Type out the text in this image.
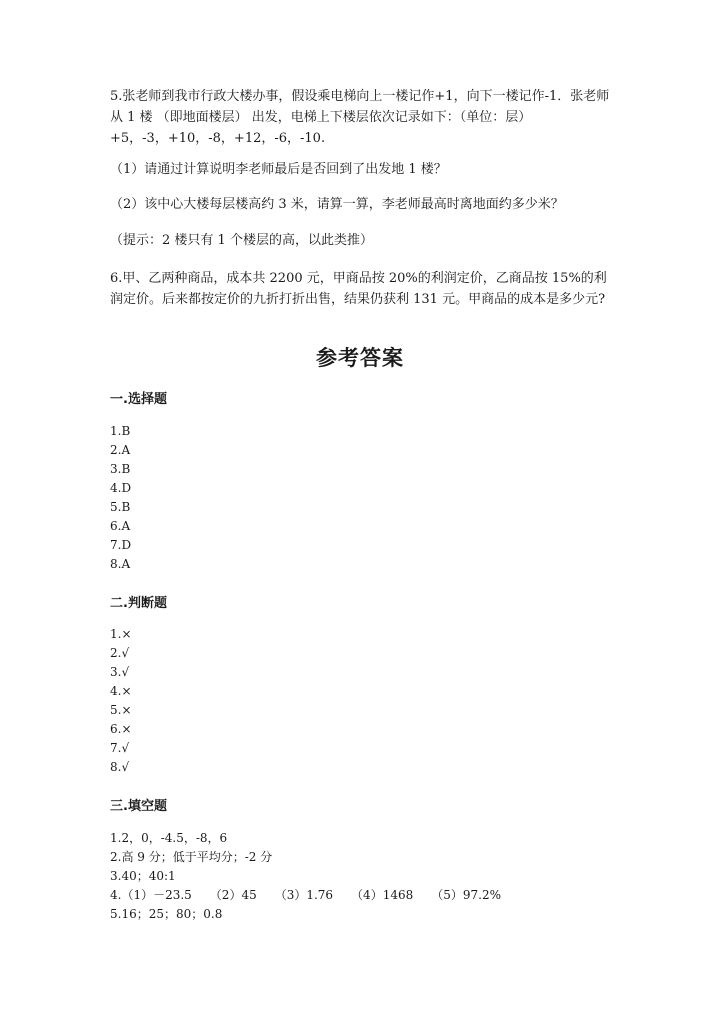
5.张老师到我市行政大楼办事，假设乘电梯向上一楼记作+1，向下一楼记作-1．张老师从 1 楼 （即地面楼层） 出发，电梯上下楼层依次记录如下：（单位：层）+5，-3，+10，-8，+12，-6，-10.

（1）请通过计算说明李老师最后是否回到了出发地 1 楼？
（2）该中心大楼每层楼高约 3 米，请算一算，李老师最高时离地面约多少米？
（提示：2 楼只有 1 个楼层的高，以此类推）

6.甲、乙两种商品，成本共 2200 元，甲商品按 20%的利润定价，乙商品按 15%的利润定价。后来都按定价的九折打折出售，结果仍获利 131 元。甲商品的成本是多少元?

参考答案
一.选择题
1.B
2.A
3.B
4.D
5.B
6.A
7.D
8.A
二.判断题
1.×
2.√
3.√
4.×
5.×
6.×
7.√
8.√
三.填空题
1.2，0，-4.5，-8，6
2.高 9 分；低于平均分；-2 分
3.40；40:1
4.（1）－23.5　　（2）45　　（3）1.76　　（4）1468　　（5）97.2%
5.16；25；80；0.8
